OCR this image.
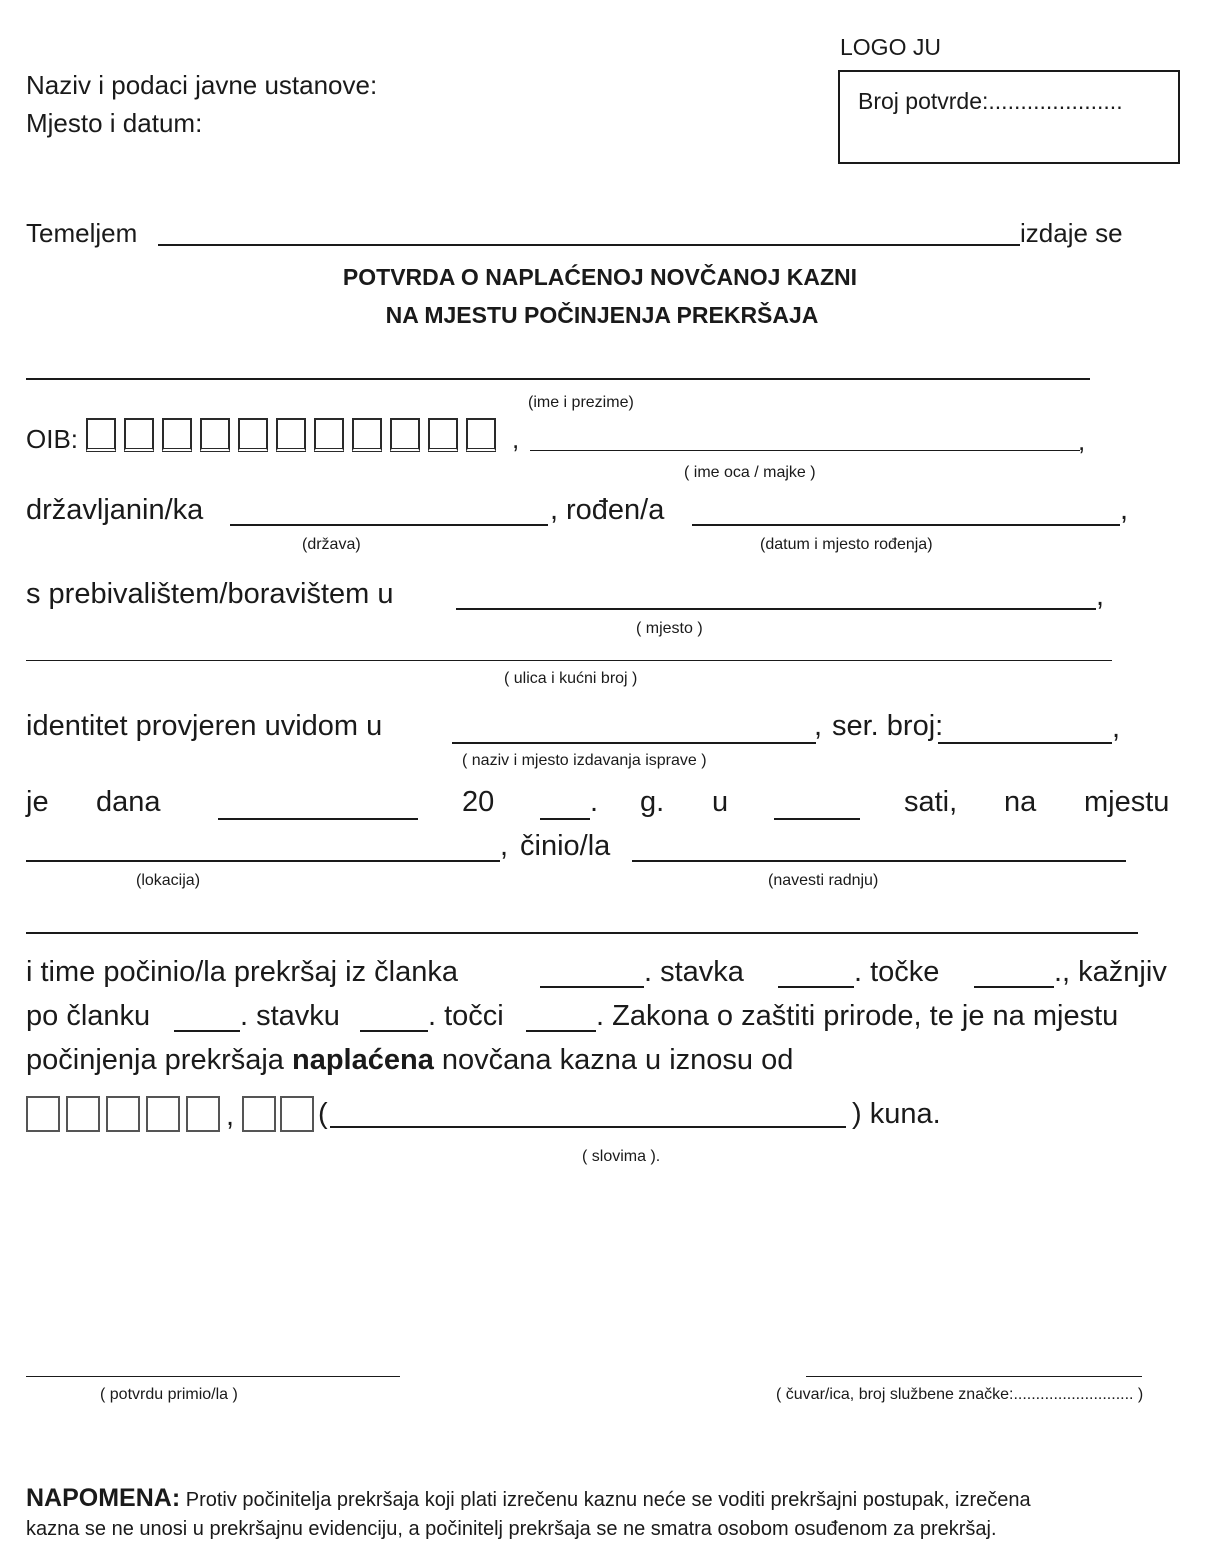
LOGO JU
Naziv i podaci javne ustanove:
Mjesto i datum:
Broj potvrde:.....................
Temeljem	izdaje se
POTVRDA O NAPLAĆENOJ NOVČANOJ KAZNI
NA MJESTU POČINJENJA PREKRŠAJA
(ime i prezime)
OIB:	,	,
( ime oca / majke )
državljanin/ka	, rođen/a	,
(država)	(datum i mjesto rođenja)
s prebivalištem/boravištem u	,
( mjesto )
( ulica i kućni broj )
identitet provjeren uvidom u	, ser. broj:	,
( naziv i mjesto izdavanja isprave )
je dana	20	. g. u	sati, na mjestu
, činio/la
(lokacija)	(navesti radnju)
i time počinio/la prekršaj iz članka	. stavka	. točke	., kažnjiv
po članku	. stavku	. točci	. Zakona o zaštiti prirode, te je na mjestu
počinjenja prekršaja naplaćena novčana kazna u iznosu od
,	(	) kuna.
( slovima ).
( potvrdu primio/la )	( čuvar/ica, broj službene značke:........................... )
NAPOMENA: Protiv počinitelja prekršaja koji plati izrečenu kaznu neće se voditi prekršajni postupak, izrečena
kazna se ne unosi u prekršajnu evidenciju, a počinitelj prekršaja se ne smatra osobom osuđenom za prekršaj.
